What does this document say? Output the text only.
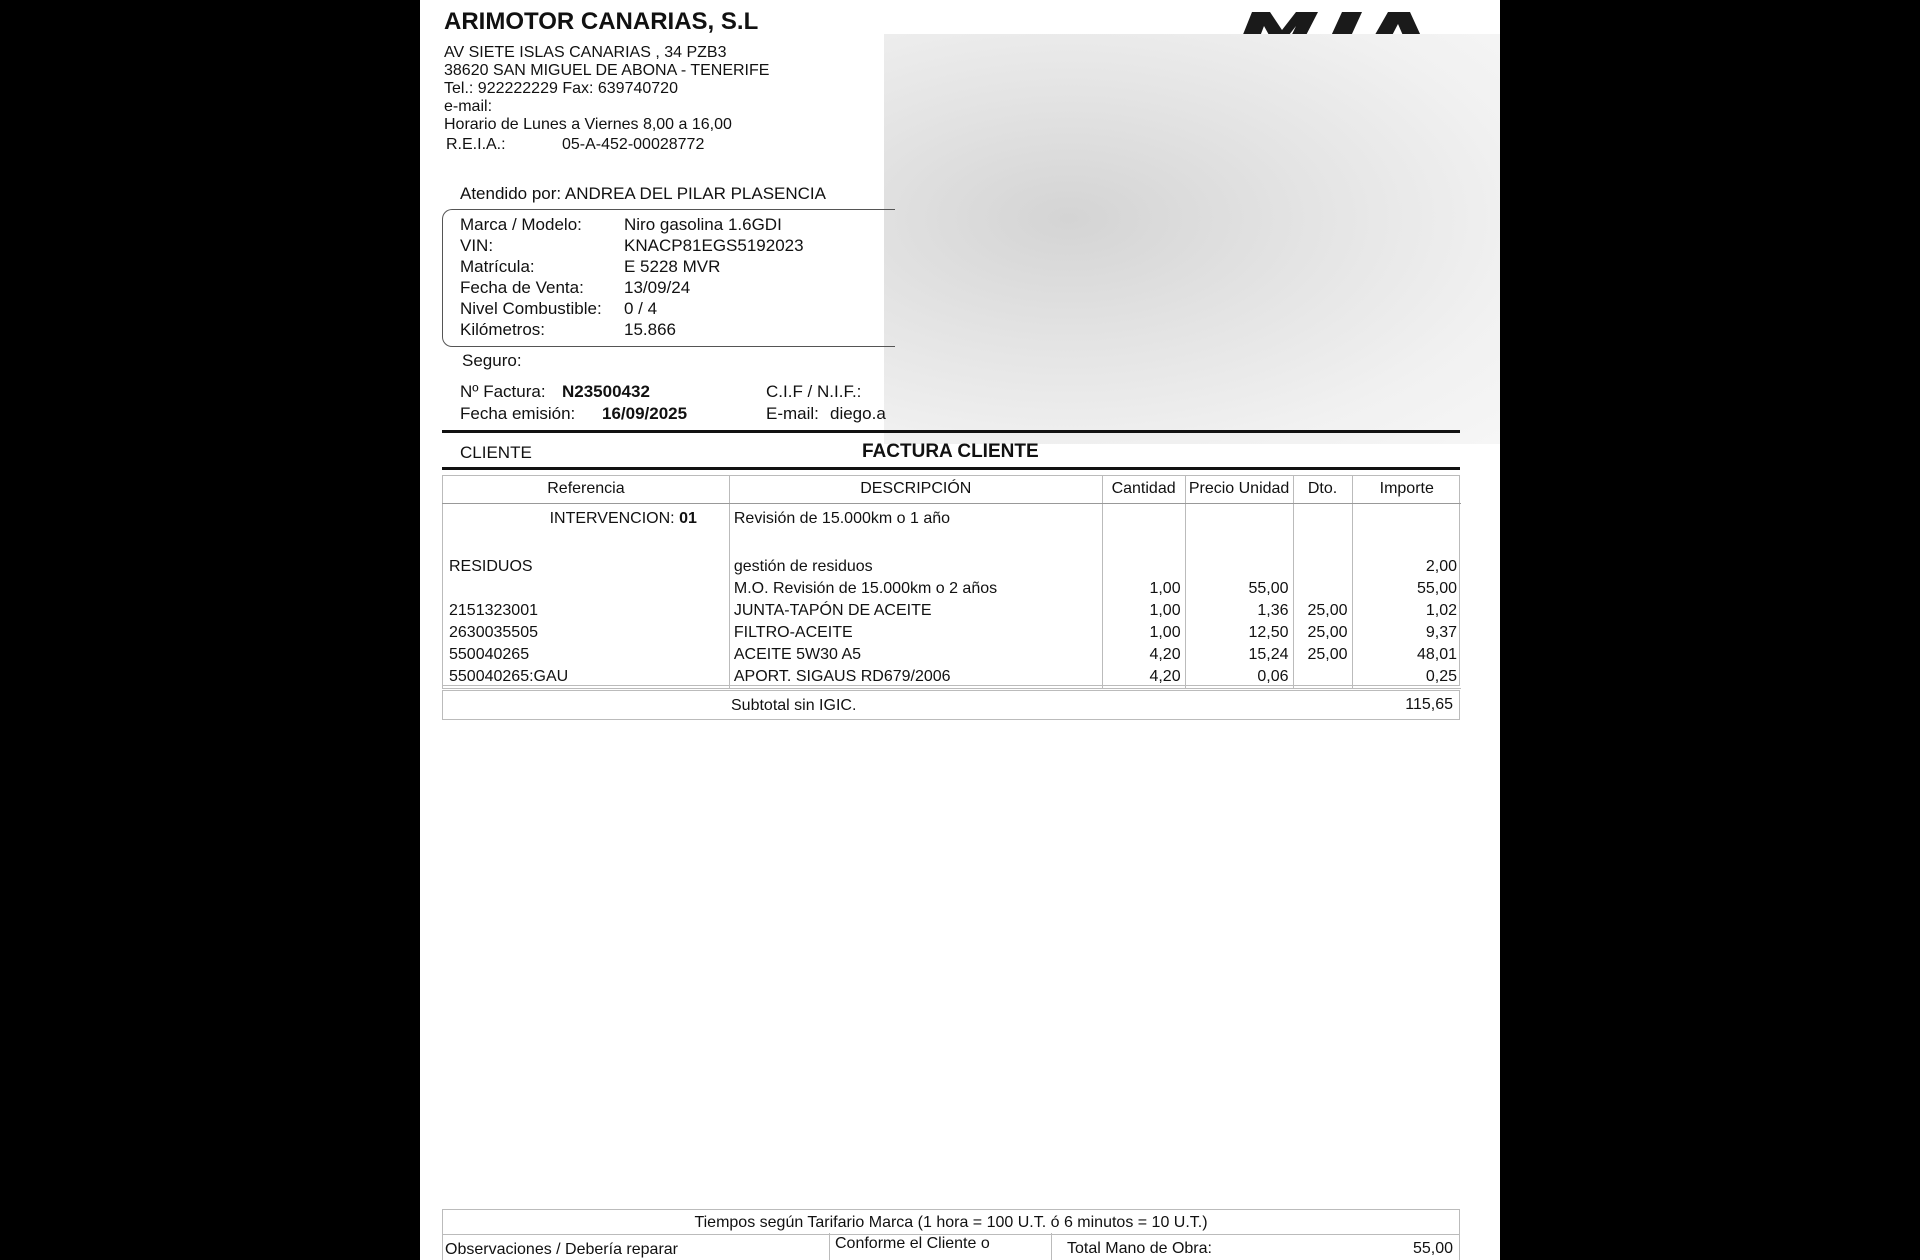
ARIMOTOR CANARIAS, S.L
AV SIETE ISLAS CANARIAS , 34 PZB3
38620 SAN MIGUEL DE ABONA - TENERIFE
Tel.: 922222229 Fax: 639740720
e-mail:
Horario de Lunes a Viernes 8,00 a 16,00
R.E.I.A.:	05-A-452-00028772
Atendido por: ANDREA DEL PILAR PLASENCIA
Marca / Modelo: Niro gasolina 1.6GDI
VIN:	KNACP81EGS5192023
Matrícula:	E 5228 MVR
Fecha de Venta: 13/09/24
Nivel Combustible: 0 / 4
Kilómetros:	15.866
Seguro:
Nº Factura: N23500432
Fecha emisión: 16/09/2025
C.I.F / N.I.F.:
E-mail: diego.a
CLIENTE	FACTURA CLIENTE
Referencia	DESCRIPCIÓN	Cantidad	Precio Unidad	Dto.	Importe
INTERVENCION: 01	Revisión de 15.000km o 1 año				

RESIDUOS	gestión de residuos				2,00
	M.O. Revisión de 15.000km o 2 años	1,00	55,00		55,00
2151323001	JUNTA-TAPÓN DE ACEITE	1,00	1,36	25,00	1,02
2630035505	FILTRO-ACEITE	1,00	12,50	25,00	9,37
550040265	ACEITE 5W30 A5	4,20	15,24	25,00	48,01
550040265:GAU	APORT. SIGAUS RD679/2006	4,20	0,06		0,25
Subtotal sin IGIC.	115,65
Tiempos según Tarifario Marca (1 hora = 100 U.T. ó 6 minutos = 10 U.T.)
Observaciones / Debería reparar	Conforme el Cliente o	Total Mano de Obra:	55,00
